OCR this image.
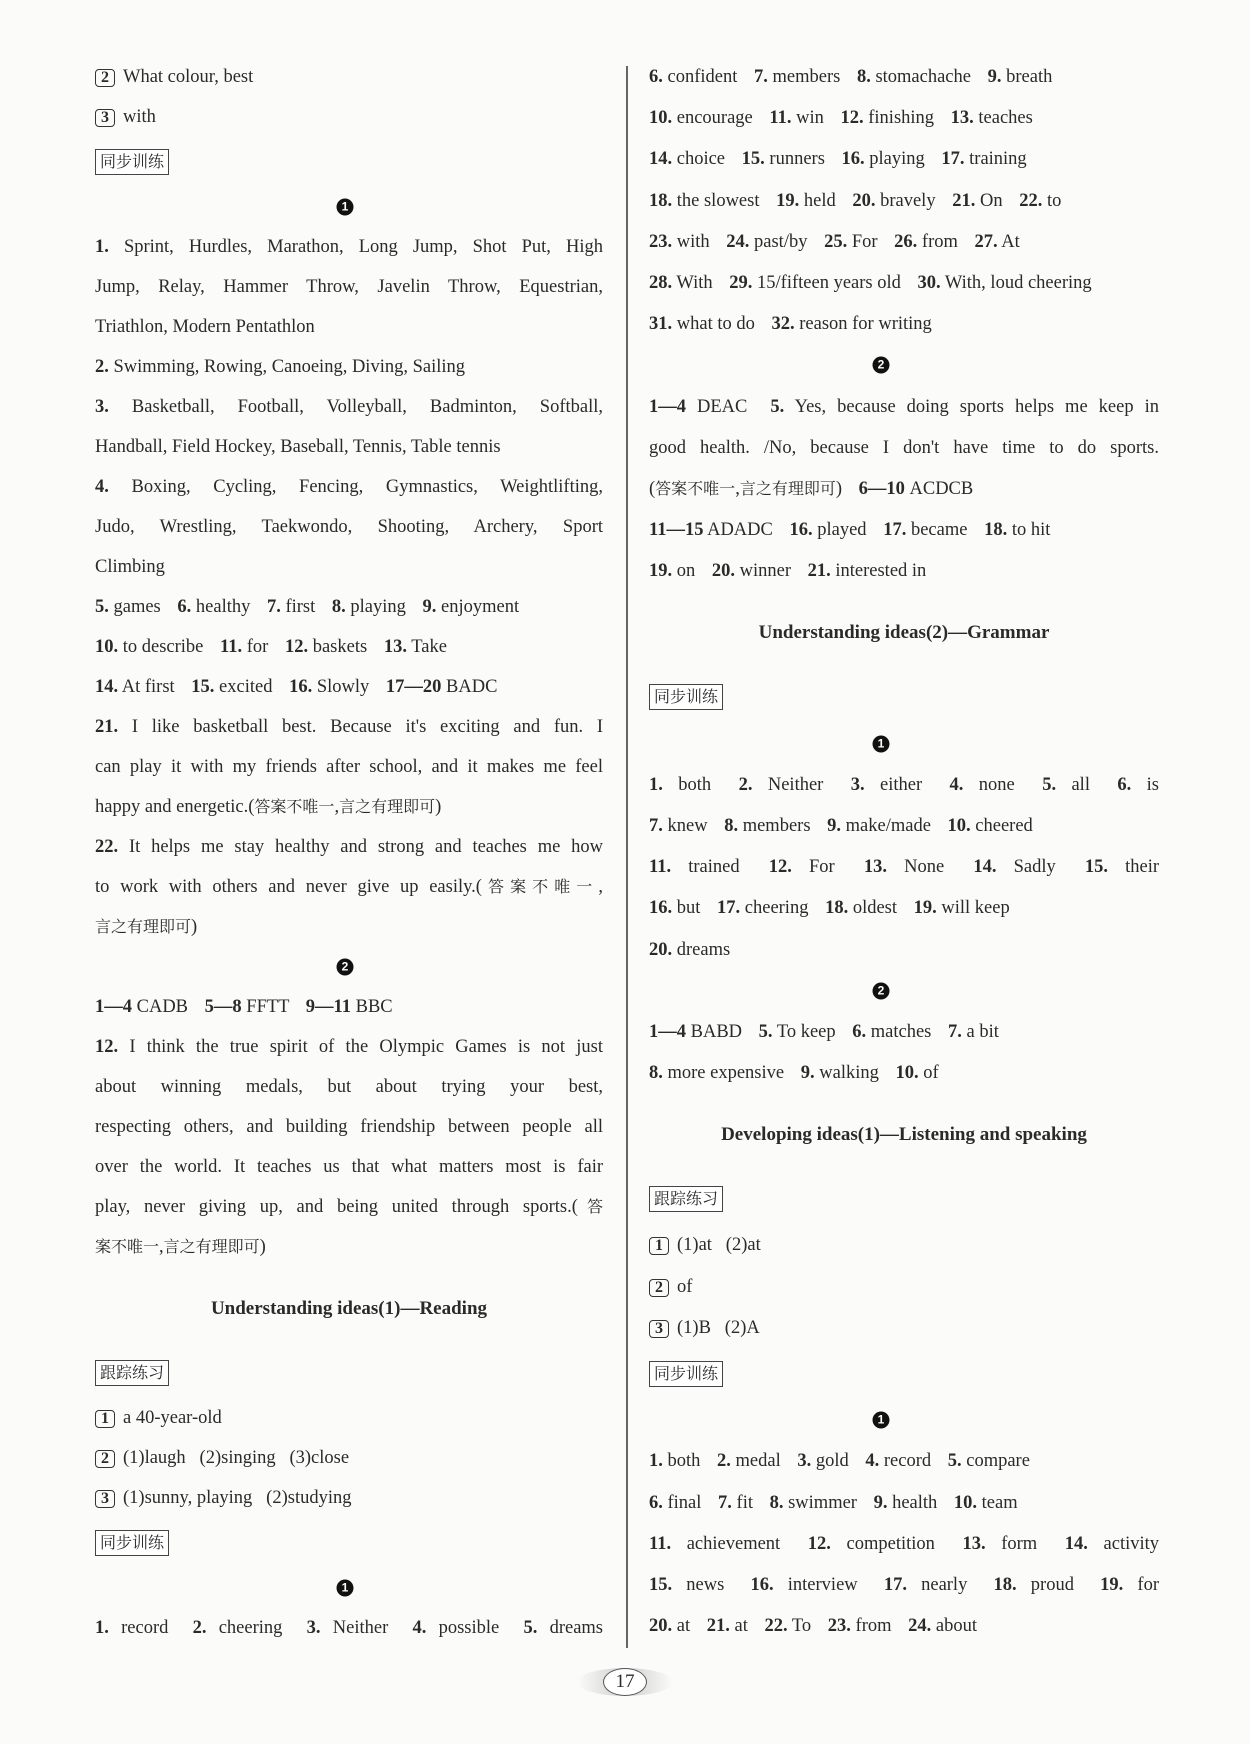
2 What colour, best
3 with
同步训练
1
1. Sprint, Hurdles, Marathon, Long Jump, Shot Put, High
Jump, Relay, Hammer Throw, Javelin Throw, Equestrian,
Triathlon, Modern Pentathlon
2. Swimming, Rowing, Canoeing, Diving, Sailing
3. Basketball, Football, Volleyball, Badminton, Softball,
Handball, Field Hockey, Baseball, Tennis, Table tennis
4. Boxing, Cycling, Fencing, Gymnastics, Weightlifting,
Judo, Wrestling, Taekwondo, Shooting, Archery, Sport
Climbing
5. games 6. healthy 7. first 8. playing 9. enjoyment
10. to describe 11. for 12. baskets 13. Take
14. At first 15. excited 16. Slowly 17—20 BADC
21. I like basketball best. Because it's exciting and fun. I
can play it with my friends after school, and it makes me feel
happy and energetic.(答案不唯一,言之有理即可)
22. It helps me stay healthy and strong and teaches me how
to work with others and never give up easily.(答案不唯一,
言之有理即可)
2
1—4 CADB 5—8 FFTT 9—11 BBC
12. I think the true spirit of the Olympic Games is not just
about winning medals, but about trying your best,
respecting others, and building friendship between people all
over the world. It teaches us that what matters most is fair
play, never giving up, and being united through sports.(答
案不唯一,言之有理即可)
Understanding ideas(1)—Reading
跟踪练习
1 a 40-year-old
2 (1)laugh   (2)singing   (3)close
3 (1)sunny, playing   (2)studying
同步训练
1
1. record 2. cheering 3. Neither 4. possible 5. dreams
6. confident 7. members 8. stomachache 9. breath
10. encourage 11. win 12. finishing 13. teaches
14. choice 15. runners 16. playing 17. training
18. the slowest 19. held 20. bravely 21. On 22. to
23. with 24. past/by 25. For 26. from 27. At
28. With 29. 15/fifteen years old 30. With, loud cheering
31. what to do 32. reason for writing
2
1—4 DEAC 5. Yes, because doing sports helps me keep in
good health. /No, because I don't have time to do sports.
(答案不唯一,言之有理即可) 6—10 ACDCB
11—15 ADADC 16. played 17. became 18. to hit
19. on 20. winner 21. interested in
Understanding ideas(2)—Grammar
同步训练
1
1. both 2. Neither 3. either 4. none 5. all 6. is
7. knew 8. members 9. make/made 10. cheered
11. trained 12. For 13. None 14. Sadly 15. their
16. but 17. cheering 18. oldest 19. will keep
20. dreams
2
1—4 BABD 5. To keep 6. matches 7. a bit
8. more expensive 9. walking 10. of
Developing ideas(1)—Listening and speaking
跟踪练习
1 (1)at   (2)at
2 of
3 (1)B   (2)A
同步训练
1
1. both 2. medal 3. gold 4. record 5. compare
6. final 7. fit 8. swimmer 9. health 10. team
11. achievement 12. competition 13. form 14. activity
15. news 16. interview 17. nearly 18. proud 19. for
20. at 21. at 22. To 23. from 24. about
17
